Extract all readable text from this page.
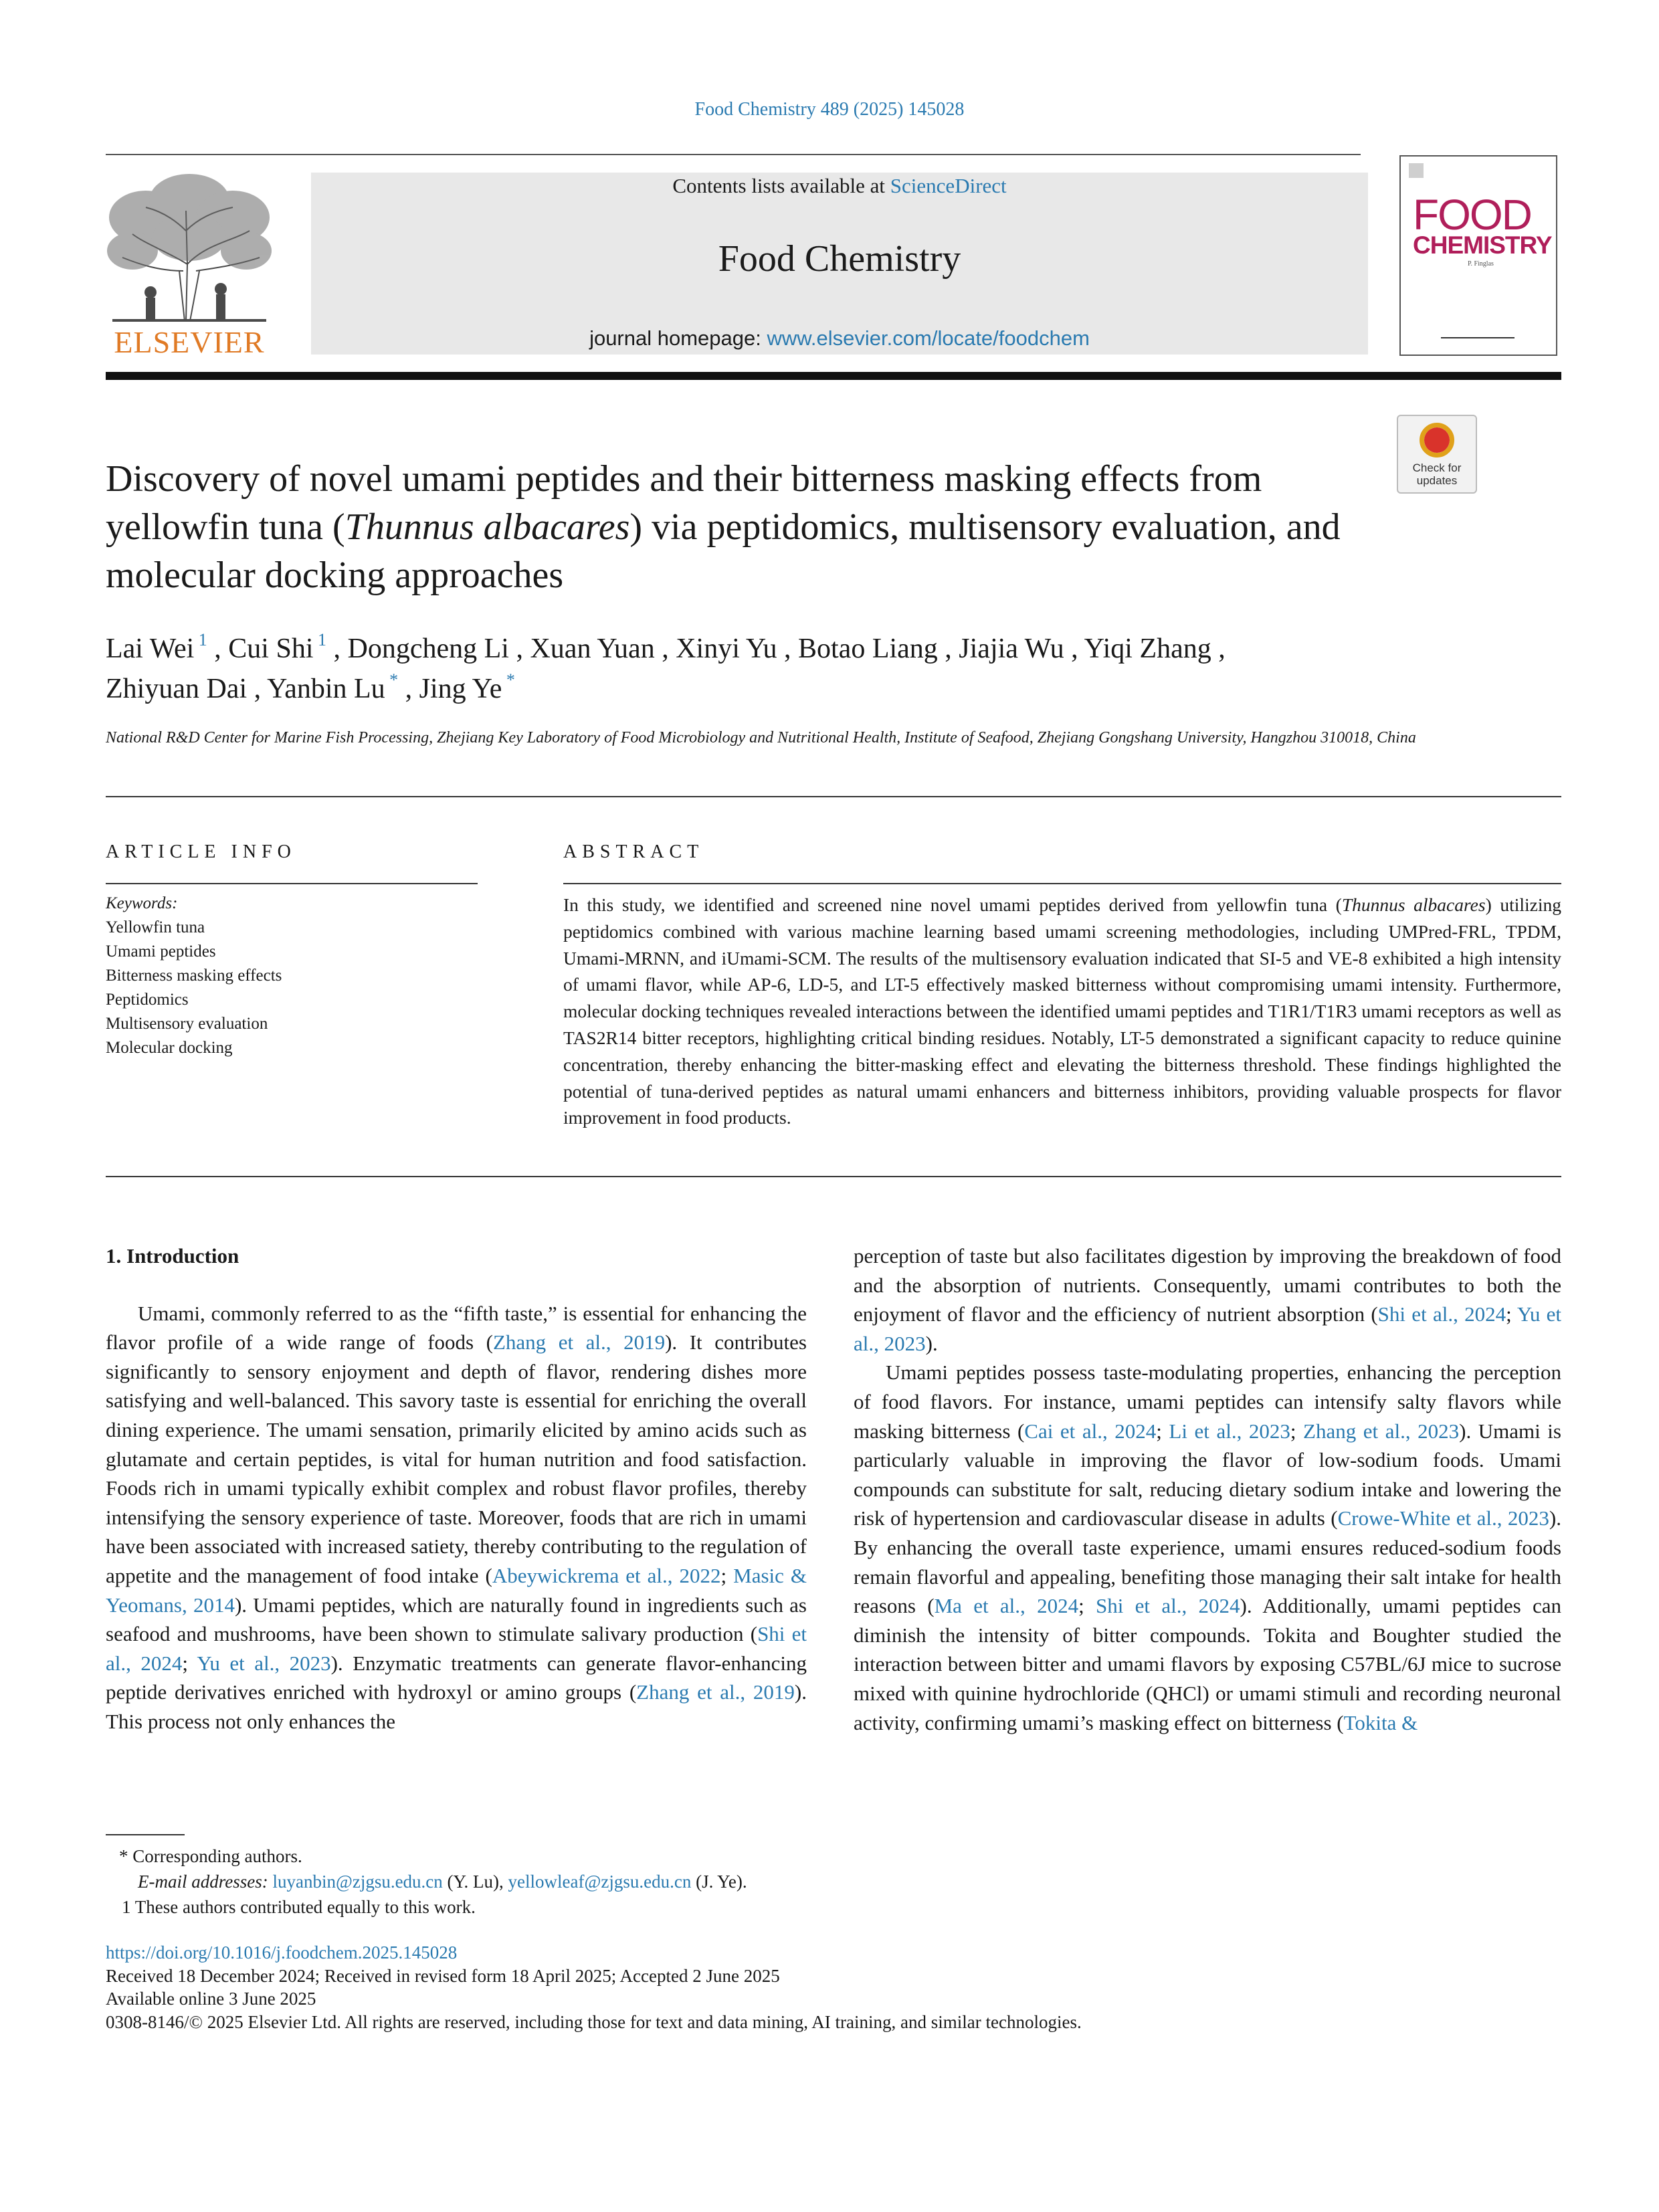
Food Chemistry 489 (2025) 145028
ELSEVIER
Contents lists available at ScienceDirect
Food Chemistry
journal homepage: www.elsevier.com/locate/foodchem
FOOD
CHEMISTRY
P. Finglas
Check for updates
Discovery of novel umami peptides and their bitterness masking effects from yellowfin tuna (Thunnus albacares) via peptidomics, multisensory evaluation, and molecular docking approaches
Lai Wei $^1$ , Cui Shi $^1$ , Dongcheng Li , Xuan Yuan , Xinyi Yu , Botao Liang , Jiajia Wu , Yiqi Zhang ,
Zhiyuan Dai , Yanbin Lu * , Jing Ye *
National R&D Center for Marine Fish Processing, Zhejiang Key Laboratory of Food Microbiology and Nutritional Health, Institute of Seafood, Zhejiang Gongshang University, Hangzhou 310018, China
ARTICLE INFO	ABSTRACT
Keywords:
Yellowfin tuna
Umami peptides
Bitterness masking effects
Peptidomics
Multisensory evaluation
Molecular docking
In this study, we identified and screened nine novel umami peptides derived from yellowfin tuna (Thunnus albacares) utilizing peptidomics combined with various machine learning based umami screening methodologies, including UMPred-FRL, TPDM, Umami-MRNN, and iUmami-SCM. The results of the multisensory evaluation indicated that SI-5 and VE-8 exhibited a high intensity of umami flavor, while AP-6, LD-5, and LT-5 effectively masked bitterness without compromising umami intensity. Furthermore, molecular docking techniques revealed interactions between the identified umami peptides and T1R1/T1R3 umami receptors as well as TAS2R14 bitter receptors, highlighting critical binding residues. Notably, LT-5 demonstrated a significant capacity to reduce quinine concentration, thereby enhancing the bitter-masking effect and elevating the bitterness threshold. These findings highlighted the potential of tuna-derived peptides as natural umami enhancers and bitterness inhibitors, providing valuable prospects for flavor improvement in food products.

1. Introduction

Umami, commonly referred to as the “fifth taste,” is essential for enhancing the flavor profile of a wide range of foods (Zhang et al., 2019). It contributes significantly to sensory enjoyment and depth of flavor, rendering dishes more satisfying and well-balanced. This savory taste is essential for enriching the overall dining experience. The umami sensation, primarily elicited by amino acids such as glutamate and certain peptides, is vital for human nutrition and food satisfaction. Foods rich in umami typically exhibit complex and robust flavor profiles, thereby intensifying the sensory experience of taste. Moreover, foods that are rich in umami have been associated with increased satiety, thereby contributing to the regulation of appetite and the management of food intake (Abeywickrema et al., 2022; Masic & Yeomans, 2014). Umami peptides, which are naturally found in ingredients such as seafood and mushrooms, have been shown to stimulate salivary production (Shi et al., 2024; Yu et al., 2023). Enzymatic treatments can generate flavor-enhancing peptide derivatives enriched with hydroxyl or amino groups (Zhang et al., 2019). This process not only enhances the

perception of taste but also facilitates digestion by improving the breakdown of food and the absorption of nutrients. Consequently, umami contributes to both the enjoyment of flavor and the efficiency of nutrient absorption (Shi et al., 2024; Yu et al., 2023).

Umami peptides possess taste-modulating properties, enhancing the perception of food flavors. For instance, umami peptides can intensify salty flavors while masking bitterness (Cai et al., 2024; Li et al., 2023; Zhang et al., 2023). Umami is particularly valuable in improving the flavor of low-sodium foods. Umami compounds can substitute for salt, reducing dietary sodium intake and lowering the risk of hypertension and cardiovascular disease in adults (Crowe-White et al., 2023). By enhancing the overall taste experience, umami ensures reduced-sodium foods remain flavorful and appealing, benefiting those managing their salt intake for health reasons (Ma et al., 2024; Shi et al., 2024). Additionally, umami peptides can diminish the intensity of bitter compounds. Tokita and Boughter studied the interaction between bitter and umami flavors by exposing C57BL/6J mice to sucrose mixed with quinine hydrochloride (QHCl) or umami stimuli and recording neuronal activity, confirming umami’s masking effect on bitterness (Tokita &

* Corresponding authors.

E-mail addresses: luyanbin@zjgsu.edu.cn (Y. Lu), yellowleaf@zjgsu.edu.cn (J. Ye).

1 These authors contributed equally to this work.

https://doi.org/10.1016/j.foodchem.2025.145028

Received 18 December 2024; Received in revised form 18 April 2025; Accepted 2 June 2025

Available online 3 June 2025

0308-8146/© 2025 Elsevier Ltd. All rights are reserved, including those for text and data mining, AI training, and similar technologies.
